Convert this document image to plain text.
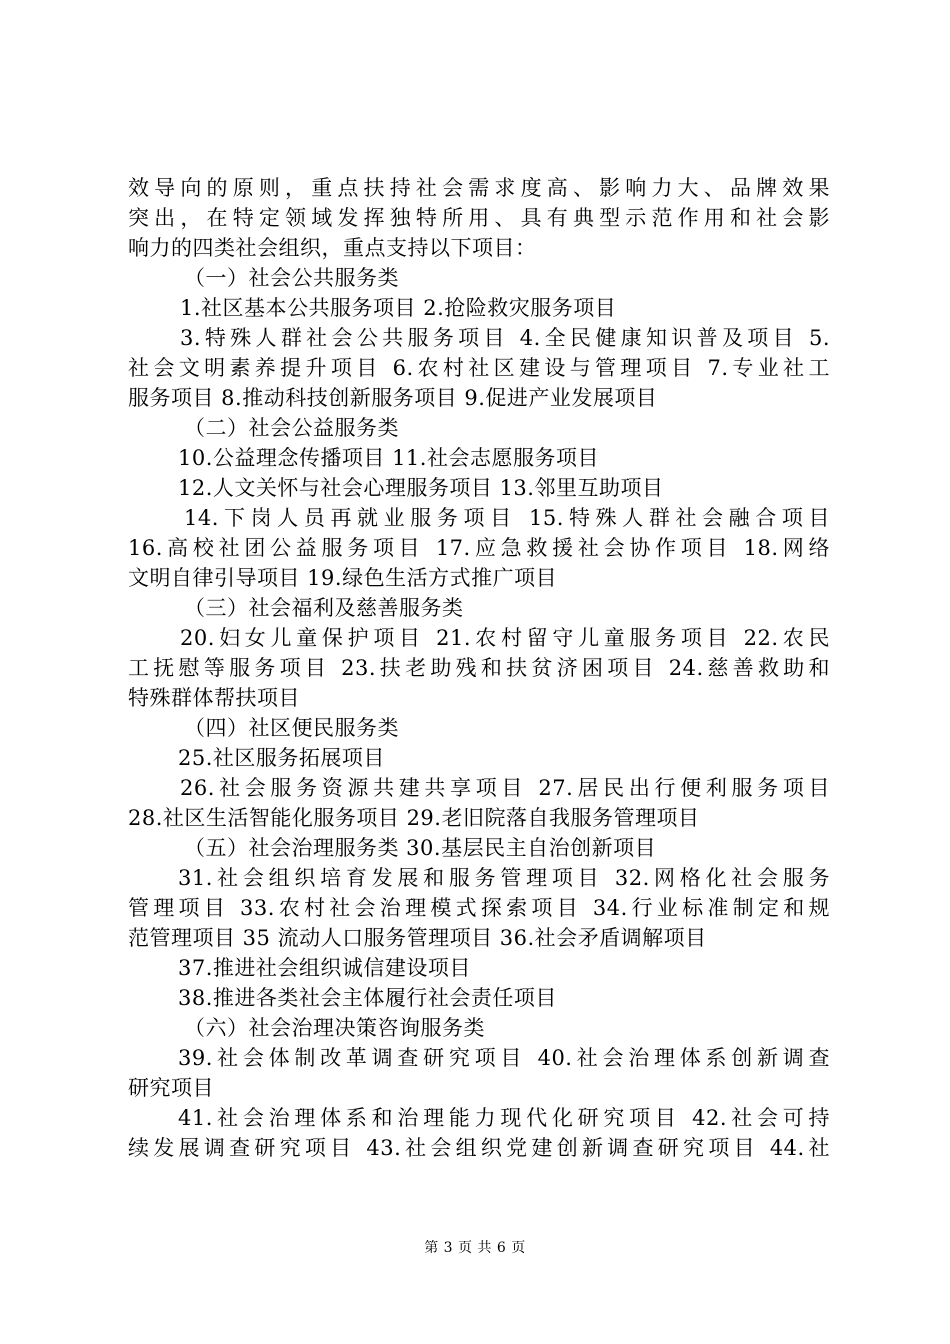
效导向的原则，重点扶持社会需求度高、影响力大、品牌效果
突出，在特定领域发挥独特所用、具有典型示范作用和社会影
响力的四类社会组织，重点支持以下项目：
（一）社会公共服务类
1.社区基本公共服务项目 2.抢险救灾服务项目
3.特殊人群社会公共服务项目 4.全民健康知识普及项目 5.
社会文明素养提升项目 6.农村社区建设与管理项目 7.专业社工
服务项目 8.推动科技创新服务项目 9.促进产业发展项目
（二）社会公益服务类
10.公益理念传播项目 11.社会志愿服务项目
12.人文关怀与社会心理服务项目 13.邻里互助项目
14.下岗人员再就业服务项目 15.特殊人群社会融合项目
16.高校社团公益服务项目 17.应急救援社会协作项目 18.网络
文明自律引导项目 19.绿色生活方式推广项目
（三）社会福利及慈善服务类
20.妇女儿童保护项目 21.农村留守儿童服务项目 22.农民
工抚慰等服务项目 23.扶老助残和扶贫济困项目 24.慈善救助和
特殊群体帮扶项目
（四）社区便民服务类
25.社区服务拓展项目
26.社会服务资源共建共享项目 27.居民出行便利服务项目
28.社区生活智能化服务项目 29.老旧院落自我服务管理项目
（五）社会治理服务类 30.基层民主自治创新项目
31.社会组织培育发展和服务管理项目 32.网格化社会服务
管理项目 33.农村社会治理模式探索项目 34.行业标准制定和规
范管理项目 35 流动人口服务管理项目 36.社会矛盾调解项目
37.推进社会组织诚信建设项目
38.推进各类社会主体履行社会责任项目
（六）社会治理决策咨询服务类
39.社会体制改革调查研究项目 40.社会治理体系创新调查
研究项目
41.社会治理体系和治理能力现代化研究项目 42.社会可持
续发展调查研究项目 43.社会组织党建创新调查研究项目 44.社
第 3 页 共 6 页
